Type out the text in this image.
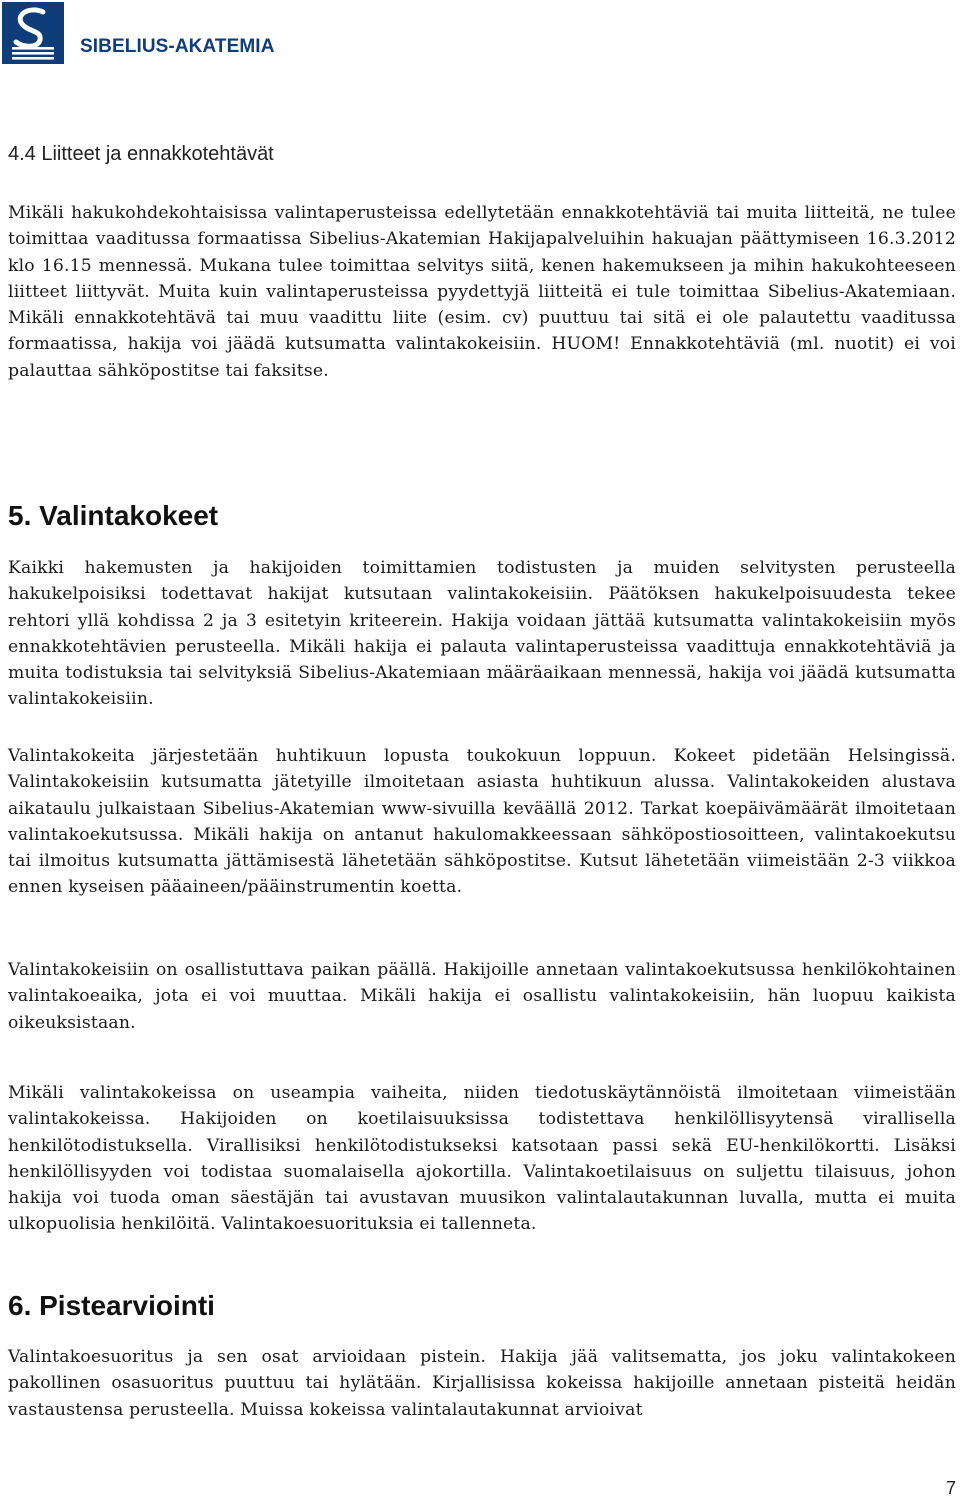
SIBELIUS-AKATEMIA
4.4 Liitteet ja ennakkotehtävät

Mikäli hakukohdekohtaisissa valintaperusteissa edellytetään ennakkotehtäviä tai muita liitteitä, ne tulee toimittaa vaaditussa formaatissa Sibelius-Akatemian Hakijapalveluihin hakuajan päättymiseen 16.3.2012 klo 16.15 mennessä. Mukana tulee toimittaa selvitys siitä, kenen hakemukseen ja mihin hakukohteeseen liitteet liittyvät. Muita kuin valintaperusteissa pyydettyjä liitteitä ei tule toimittaa Sibelius-Akatemiaan. Mikäli ennakkotehtävä tai muu vaadittu liite (esim. cv) puuttuu tai sitä ei ole palautettu vaaditussa formaatissa, hakija voi jäädä kutsumatta valintakokeisiin. HUOM! Ennakkotehtäviä (ml. nuotit) ei voi palauttaa sähköpostitse tai faksitse.

5. Valintakokeet

Kaikki hakemusten ja hakijoiden toimittamien todistusten ja muiden selvitysten perusteella hakukelpoisiksi todettavat hakijat kutsutaan valintakokeisiin. Päätöksen hakukelpoisuudesta tekee rehtori yllä kohdissa 2 ja 3 esitetyin kriteerein. Hakija voidaan jättää kutsumatta valintakokeisiin myös ennakkotehtävien perusteella. Mikäli hakija ei palauta valintaperusteissa vaadittuja ennakkotehtäviä ja muita todistuksia tai selvityksiä Sibelius-Akatemiaan määräaikaan mennessä, hakija voi jäädä kutsumatta valintakokeisiin.

Valintakokeita järjestetään huhtikuun lopusta toukokuun loppuun. Kokeet pidetään Helsingissä. Valintakokeisiin kutsumatta jätetyille ilmoitetaan asiasta huhtikuun alussa. Valintakokeiden alustava aikataulu julkaistaan Sibelius-Akatemian www-sivuilla keväällä 2012. Tarkat koepäivämäärät ilmoitetaan valintakoekutsussa. Mikäli hakija on antanut hakulomakkeessaan sähköpostiosoitteen, valintakoekutsu tai ilmoitus kutsumatta jättämisestä lähetetään sähköpostitse. Kutsut lähetetään viimeistään 2-3 viikkoa ennen kyseisen pääaineen/pääinstrumentin koetta.

Valintakokeisiin on osallistuttava paikan päällä. Hakijoille annetaan valintakoekutsussa henkilökohtainen valintakoeaika, jota ei voi muuttaa. Mikäli hakija ei osallistu valintakokeisiin, hän luopuu kaikista oikeuksistaan.

Mikäli valintakokeissa on useampia vaiheita, niiden tiedotuskäytännöistä ilmoitetaan viimeistään valintakokeissa. Hakijoiden on koetilaisuuksissa todistettava henkilöllisyytensä virallisella henkilötodistuksella. Virallisiksi henkilötodistukseksi katsotaan passi sekä EU-henkilökortti. Lisäksi henkilöllisyyden voi todistaa suomalaisella ajokortilla. Valintakoetilaisuus on suljettu tilaisuus, johon hakija voi tuoda oman säestäjän tai avustavan muusikon valintalautakunnan luvalla, mutta ei muita ulkopuolisia henkilöitä. Valintakoesuorituksia ei tallenneta.

6. Pistearviointi

Valintakoesuoritus ja sen osat arvioidaan pistein. Hakija jää valitsematta, jos joku valintakokeen pakollinen osasuoritus puuttuu tai hylätään. Kirjallisissa kokeissa hakijoille annetaan pisteitä heidän vastaustensa perusteella. Muissa kokeissa valintalautakunnat arvioivat

7
